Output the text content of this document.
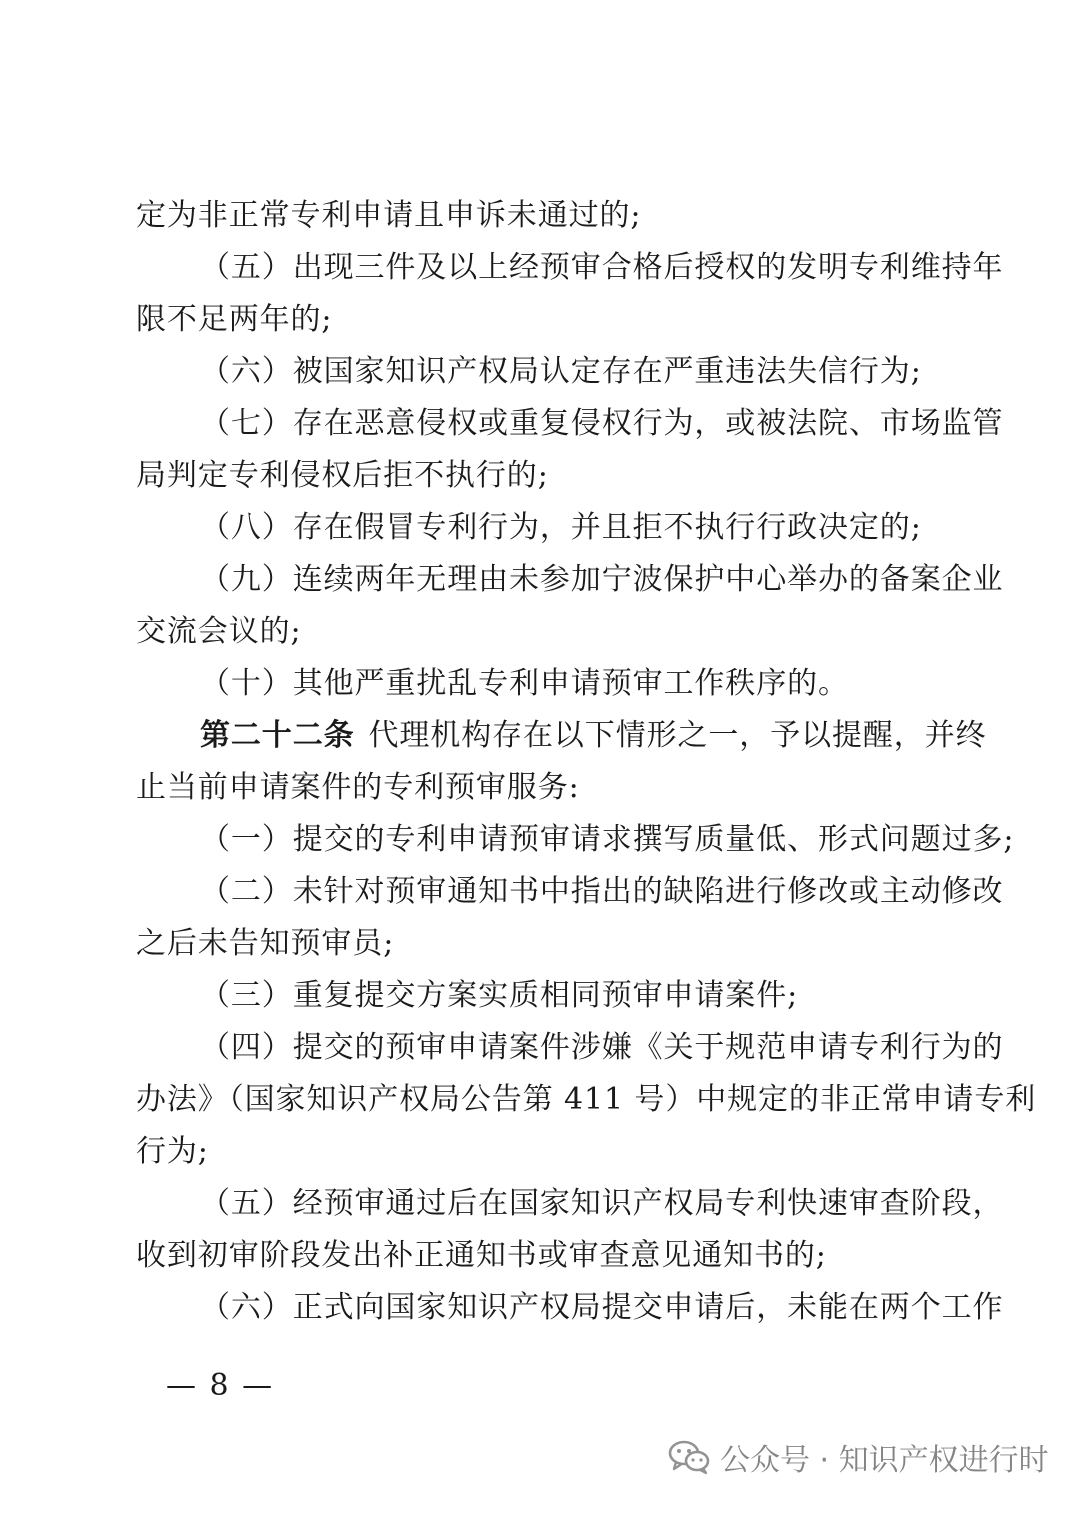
定为非正常专利申请且申诉未通过的;

（五）出现三件及以上经预审合格后授权的发明专利维持年

限不足两年的;

（六）被国家知识产权局认定存在严重违法失信行为;

（七）存在恶意侵权或重复侵权行为，或被法院、市场监管

局判定专利侵权后拒不执行的;

（八）存在假冒专利行为，并且拒不执行行政决定的;

（九）连续两年无理由未参加宁波保护中心举办的备案企业

交流会议的;

（十）其他严重扰乱专利申请预审工作秩序的。

第二十二条 代理机构存在以下情形之一，予以提醒，并终

止当前申请案件的专利预审服务:

（一）提交的专利申请预审请求撰写质量低、形式问题过多;

（二）未针对预审通知书中指出的缺陷进行修改或主动修改

之后未告知预审员;

（三）重复提交方案实质相同预审申请案件;

（四）提交的预审申请案件涉嫌《关于规范申请专利行为的

办法》（国家知识产权局公告第 411 号）中规定的非正常申请专利

行为;

（五）经预审通过后在国家知识产权局专利快速审查阶段，

收到初审阶段发出补正通知书或审查意见通知书的;

（六）正式向国家知识产权局提交申请后，未能在两个工作

— 8 —
公众号 · 知识产权进行时
